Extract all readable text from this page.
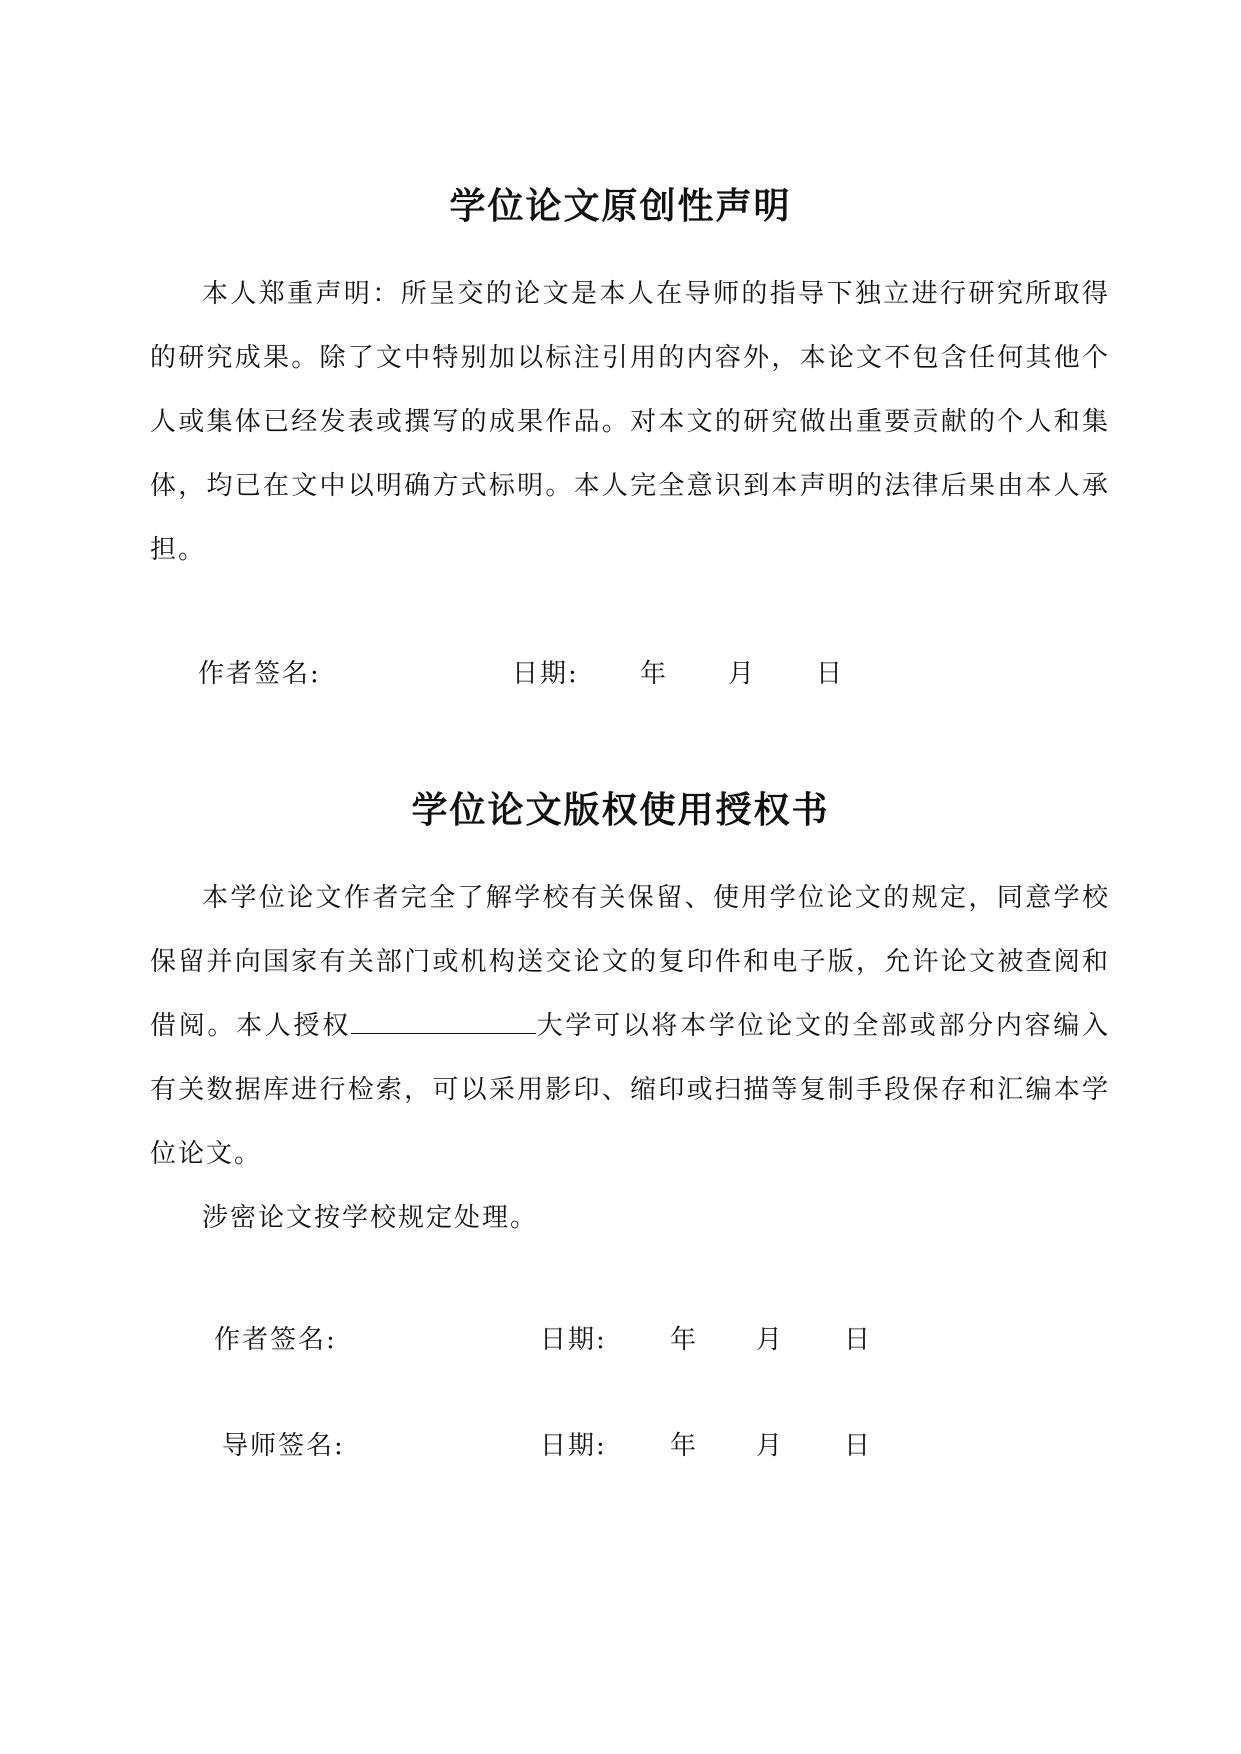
学位论文原创性声明

本人郑重声明：所呈交的论文是本人在导师的指导下独立进行研究所取得的研究成果。除了文中特别加以标注引用的内容外，本论文不包含任何其他个人或集体已经发表或撰写的成果作品。对本文的研究做出重要贡献的个人和集体，均已在文中以明确方式标明。本人完全意识到本声明的法律后果由本人承担。

作者签名:	日期: 年 月 日
学位论文版权使用授权书

本学位论文作者完全了解学校有关保留、使用学位论文的规定，同意学校保留并向国家有关部门或机构送交论文的复印件和电子版，允许论文被查阅和借阅。本人授权	大学可以将本学位论文的全部或部分内容编入有关数据库进行检索，可以采用影印、缩印或扫描等复制手段保存和汇编本学位论文。

涉密论文按学校规定处理。

作者签名:	日期: 年 月 日
导师签名:	日期: 年 月 日
